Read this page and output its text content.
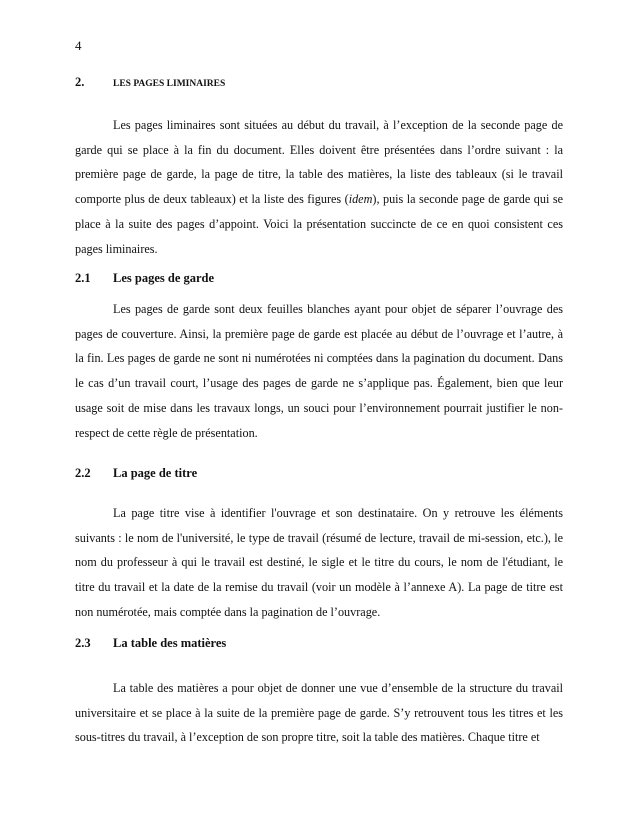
4
2.	LES PAGES LIMINAIRES

Les pages liminaires sont situées au début du travail, à l’exception de la seconde page de garde qui se place à la fin du document. Elles doivent être présentées dans l’ordre suivant : la première page de garde, la page de titre, la table des matières, la liste des tableaux (si le travail comporte plus de deux tableaux) et la liste des figures (idem), puis la seconde page de garde qui se place à la suite des pages d’appoint. Voici la présentation succincte de ce en quoi consistent ces pages liminaires.

2.1	Les pages de garde

Les pages de garde sont deux feuilles blanches ayant pour objet de séparer l’ouvrage des pages de couverture. Ainsi, la première page de garde est placée au début de l’ouvrage et l’autre, à la fin. Les pages de garde ne sont ni numérotées ni comptées dans la pagination du document. Dans le cas d’un travail court, l’usage des pages de garde ne s’applique pas. Également, bien que leur usage soit de mise dans les travaux longs, un souci pour l’environnement pourrait justifier le non-respect de cette règle de présentation.

2.2	La page de titre

La page titre vise à identifier l'ouvrage et son destinataire. On y retrouve les éléments suivants : le nom de l'université, le type de travail (résumé de lecture, travail de mi-session, etc.), le nom du professeur à qui le travail est destiné, le sigle et le titre du cours, le nom de l'étudiant, le titre du travail et la date de la remise du travail (voir un modèle à l’annexe A). La page de titre est non numérotée, mais comptée dans la pagination de l’ouvrage.

2.3	La table des matières

La table des matières a pour objet de donner une vue d’ensemble de la structure du travail universitaire et se place à la suite de la première page de garde. S’y retrouvent tous les titres et les sous-titres du travail, à l’exception de son propre titre, soit la table des matières. Chaque titre et
